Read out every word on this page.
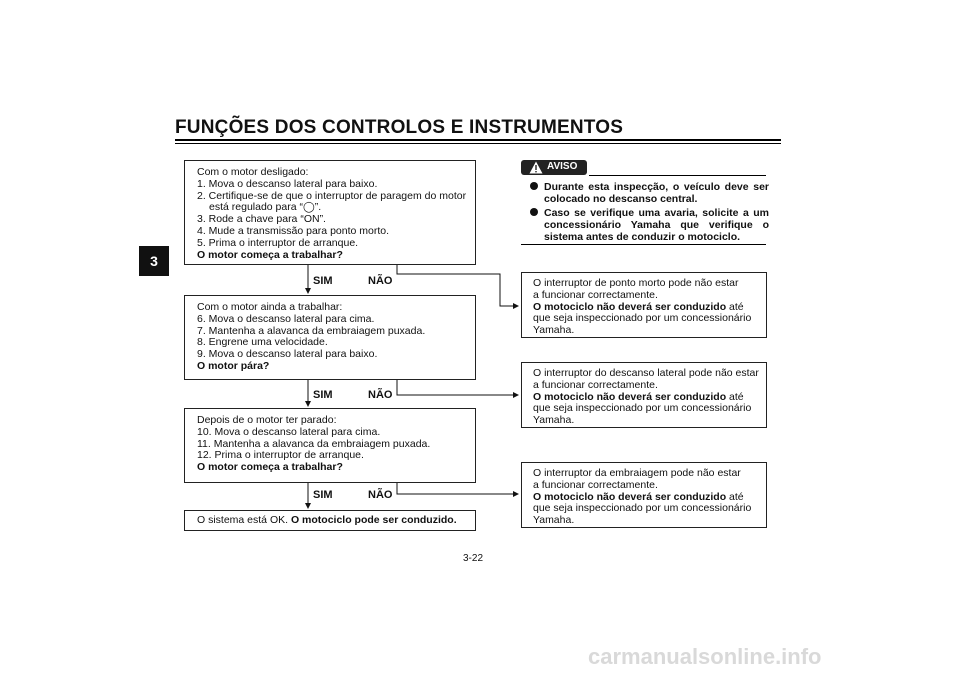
FUNÇÕES DOS CONTROLOS E INSTRUMENTOS
3
Com o motor desligado:
1. Mova o descanso lateral para baixo.
2. Certifique-se de que o interruptor de paragem do motor
está regulado para “◯”.
3. Rode a chave para “ON”.
4. Mude a transmissão para ponto morto.
5. Prima o interruptor de arranque.
O motor começa a trabalhar?
SIM	NÃO
Com o motor ainda a trabalhar:
6. Mova o descanso lateral para cima.
7. Mantenha a alavanca da embraiagem puxada.
8. Engrene uma velocidade.
9. Mova o descanso lateral para baixo.
O motor pára?
SIM	NÃO
Depois de o motor ter parado:
10. Mova o descanso lateral para cima.
11. Mantenha a alavanca da embraiagem puxada.
12. Prima o interruptor de arranque.
O motor começa a trabalhar?
SIM	NÃO
O sistema está OK. O motociclo pode ser conduzido.
AVISO
Durante esta inspecção, o veículo deve ser colocado no descanso central.
Caso se verifique uma avaria, solicite a um concessionário Yamaha que verifique o sistema antes de conduzir o motociclo.
O interruptor de ponto morto pode não estar
a funcionar correctamente.
O motociclo não deverá ser conduzido até
que seja inspeccionado por um concessionário
Yamaha.
O interruptor do descanso lateral pode não estar
a funcionar correctamente.
O motociclo não deverá ser conduzido até
que seja inspeccionado por um concessionário
Yamaha.
O interruptor da embraiagem pode não estar
a funcionar correctamente.
O motociclo não deverá ser conduzido até
que seja inspeccionado por um concessionário
Yamaha.
3-22
carmanualsonline.info
